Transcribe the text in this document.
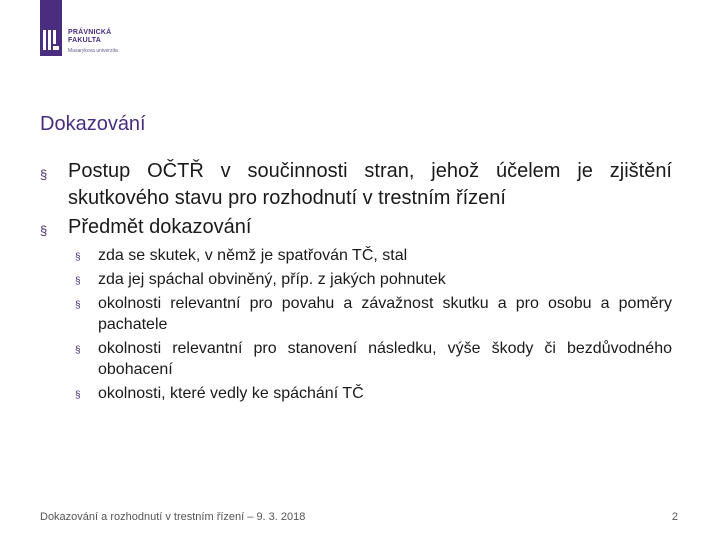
PRÁVNICKÁ
FAKULTA
Masarykova univerzita
Dokazování
§ Postup OČTŘ v součinnosti stran, jehož účelem je zjištění skutkového stavu pro rozhodnutí v trestním řízení
§ Předmět dokazování
§ zda se skutek, v němž je spatřován TČ, stal
§ zda jej spáchal obviněný, příp. z jakých pohnutek
§ okolnosti relevantní pro povahu a závažnost skutku a pro osobu a poměry pachatele
§ okolnosti relevantní pro stanovení následku, výše škody či bezdůvodného obohacení
§ okolnosti, které vedly ke spáchání TČ
Dokazování a rozhodnutí v trestním řízení – 9. 3. 2018	2
